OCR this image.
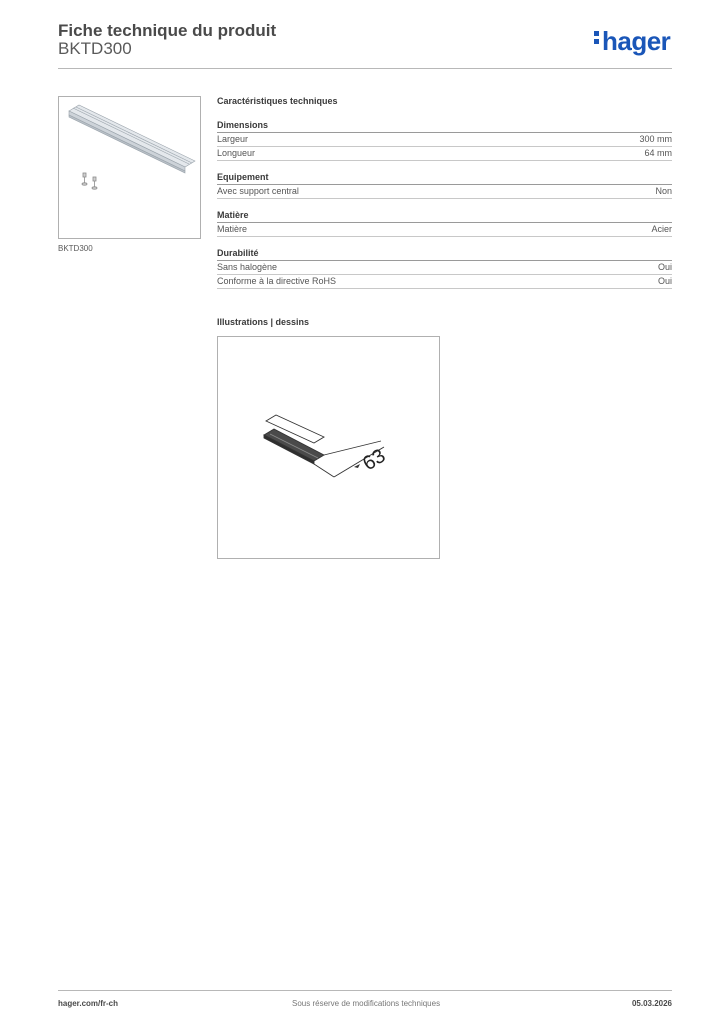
Fiche technique du produit
BKTD300	hager
BKTD300
Caractéristiques techniques
Dimensions
Largeur	300 mm
Longueur	64 mm
Equipement
Avec support central	Non
Matière
Matière	Acier
Durabilité
Sans halogène	Oui
Conforme à la directive RoHS	Oui
Illustrations | dessins
63
hager.com/fr-ch	Sous réserve de modifications techniques	05.03.2026
